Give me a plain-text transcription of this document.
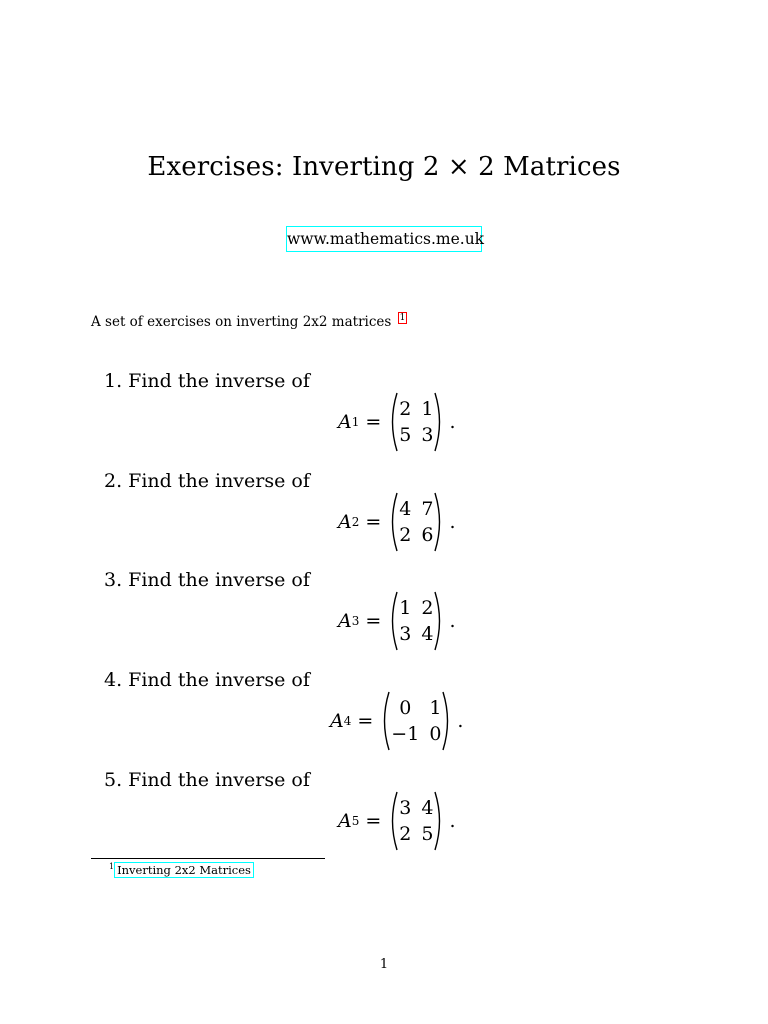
Exercises: Inverting 2 × 2 Matrices
www.mathematics.me.uk
A set of exercises on inverting 2x2 matrices 1
1. Find the inverse of
A 1 =
2 1
5 3
.
2. Find the inverse of
A 2 =
4 7
2 6
.
3. Find the inverse of
A 3 =
1 2
3 4
.
4. Find the inverse of
A 4 =
0 1
−1 0
.
5. Find the inverse of
A 5 =
3 4
2 5
.
$^1$ Inverting 2x2 Matrices
1
